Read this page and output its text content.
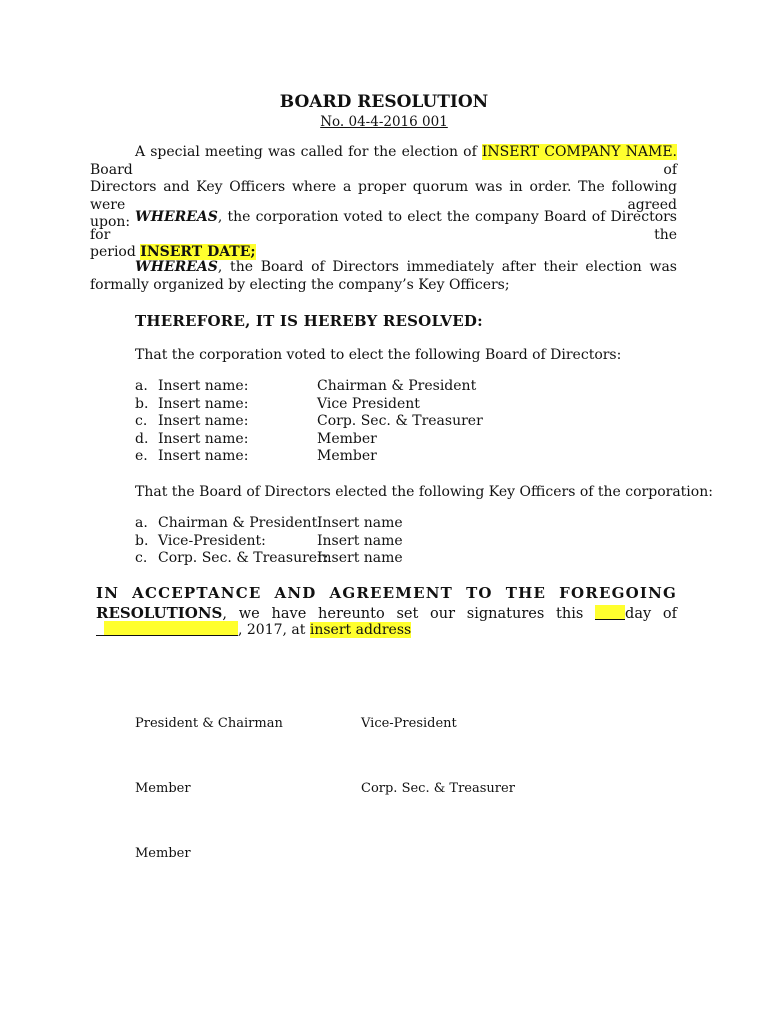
BOARD RESOLUTION
No. 04-4-2016 001
A special meeting was called for the election of INSERT COMPANY NAME. Board of
Directors and Key Officers where a proper quorum was in order. The following were agreed
upon: WHEREAS, the corporation voted to elect the company Board of Directors for the
period INSERT DATE;
WHEREAS, the Board of Directors immediately after their election was
formally organized by electing the company’s Key Officers;
THEREFORE, IT IS HEREBY RESOLVED:
That the corporation voted to elect the following Board of Directors:
a. Insert name:	Chairman & President
b. Insert name:	Vice President
c. Insert name:	Corp. Sec. & Treasurer
d. Insert name:	Member
e. Insert name:	Member
That the Board of Directors elected the following Key Officers of the corporation:
a. Chairman & President:
Insert name
b. Vice-President:	Insert name
c. Corp. Sec. & Treasurer:
Insert name
IN ACCEPTANCE AND AGREEMENT TO THE FOREGOING
RESOLUTIONS, we have hereunto set our signatures this	day of
, 2017, at insert address
President & Chairman	Vice-President
Member	Corp. Sec. & Treasurer
Member
